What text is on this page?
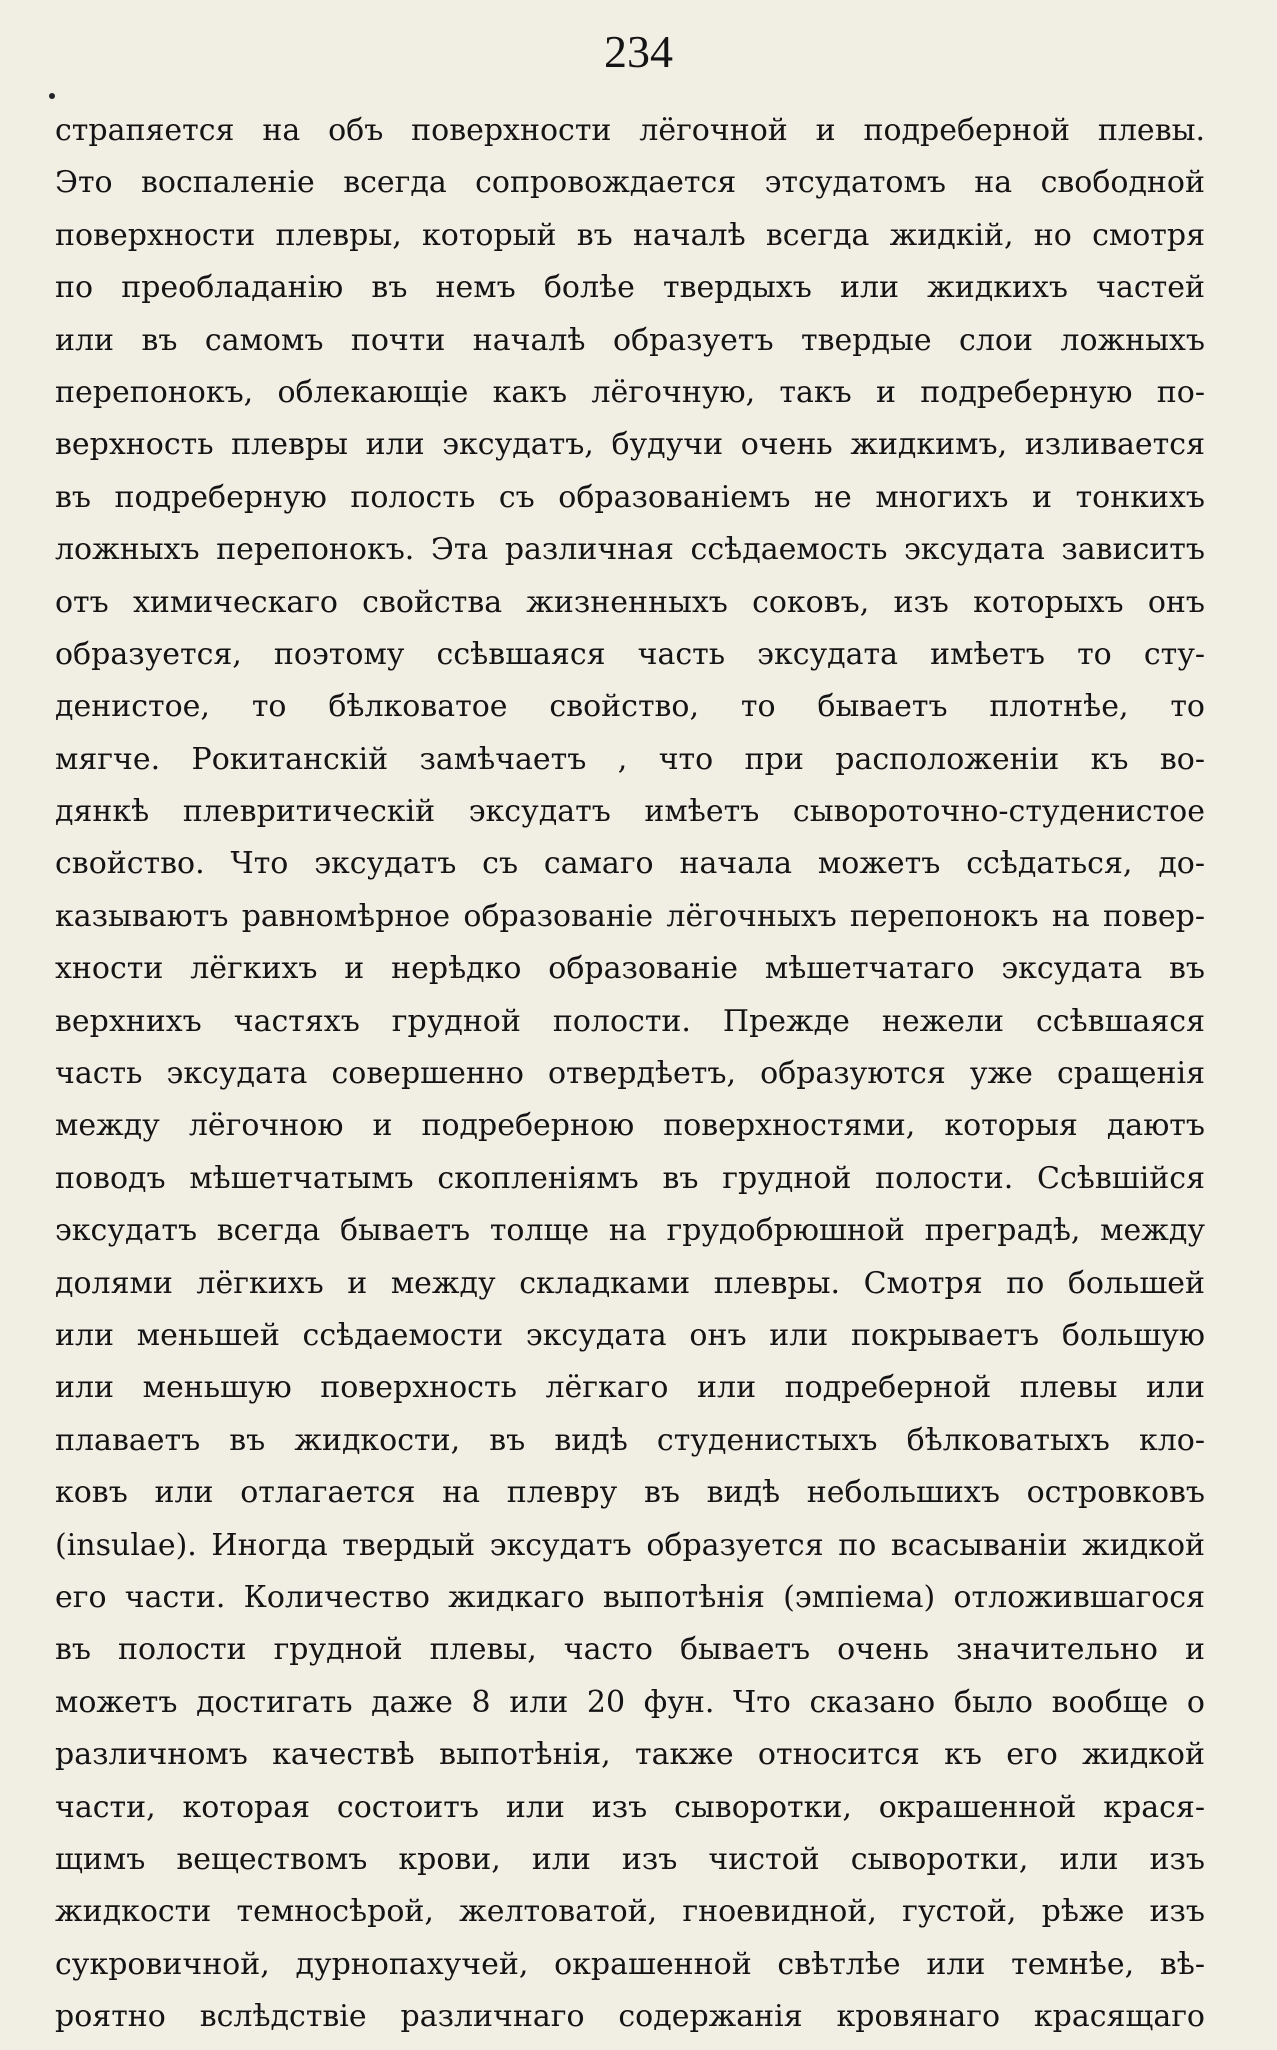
234
страпяется на объ поверхности лёгочной и подреберной плевы.
Это воспаленіе всегда сопровождается этсудатомъ на свободной
поверхности плевры, который въ началѣ всегда жидкій, но смотря
по преобладанію въ немъ болѣе твердыхъ или жидкихъ частей
или въ самомъ почти началѣ образуетъ твердые слои ложныхъ
перепонокъ, облекающіе какъ лёгочную, такъ и подреберную по-
верхность плевры или эксудатъ, будучи очень жидкимъ, изливается
въ подреберную полость съ образованіемъ не многихъ и тонкихъ
ложныхъ перепонокъ. Эта различная ссѣдаемость эксудата зависитъ
отъ химическаго свойства жизненныхъ соковъ, изъ которыхъ онъ
образуется, поэтому ссѣвшаяся часть эксудата имѣетъ то сту-
денистое, то бѣлковатое свойство, то бываетъ плотнѣе, то
мягче. Рокитанскій замѣчаетъ , что при расположеніи къ во-
дянкѣ плевритическій эксудатъ имѣетъ сывороточно-студенистое
свойство. Что эксудатъ съ самаго начала можетъ ссѣдаться, до-
казываютъ равномѣрное образованіе лёгочныхъ перепонокъ на повер-
хности лёгкихъ и нерѣдко образованіе мѣшетчатаго эксудата въ
верхнихъ частяхъ грудной полости. Прежде нежели ссѣвшаяся
часть эксудата совершенно отвердѣетъ, образуются уже сращенія
между лёгочною и подреберною поверхностями, которыя даютъ
поводъ мѣшетчатымъ скопленіямъ въ грудной полости. Ссѣвшійся
эксудатъ всегда бываетъ толще на грудобрюшной преградѣ, между
долями лёгкихъ и между складками плевры. Смотря по большей
или меньшей ссѣдаемости эксудата онъ или покрываетъ большую
или меньшую поверхность лёгкаго или подреберной плевы или
плаваетъ въ жидкости, въ видѣ студенистыхъ бѣлковатыхъ кло-
ковъ или отлагается на плевру въ видѣ небольшихъ островковъ
(insulae). Иногда твердый эксудатъ образуется по всасываніи жидкой
его части. Количество жидкаго выпотѣнія (эмпіема) отложившагося
въ полости грудной плевы, часто бываетъ очень значительно и
можетъ достигать даже 8 или 20 фун. Что сказано было вообще о
различномъ качествѣ выпотѣнія, также относится къ его жидкой
части, которая состоитъ или изъ сыворотки, окрашенной крася-
щимъ веществомъ крови, или изъ чистой сыворотки, или изъ
жидкости темносѣрой, желтоватой, гноевидной, густой, рѣже изъ
сукровичной, дурнопахучей, окрашенной свѣтлѣе или темнѣе, вѣ-
роятно вслѣдствіе различнаго содержанія кровянаго красящаго
